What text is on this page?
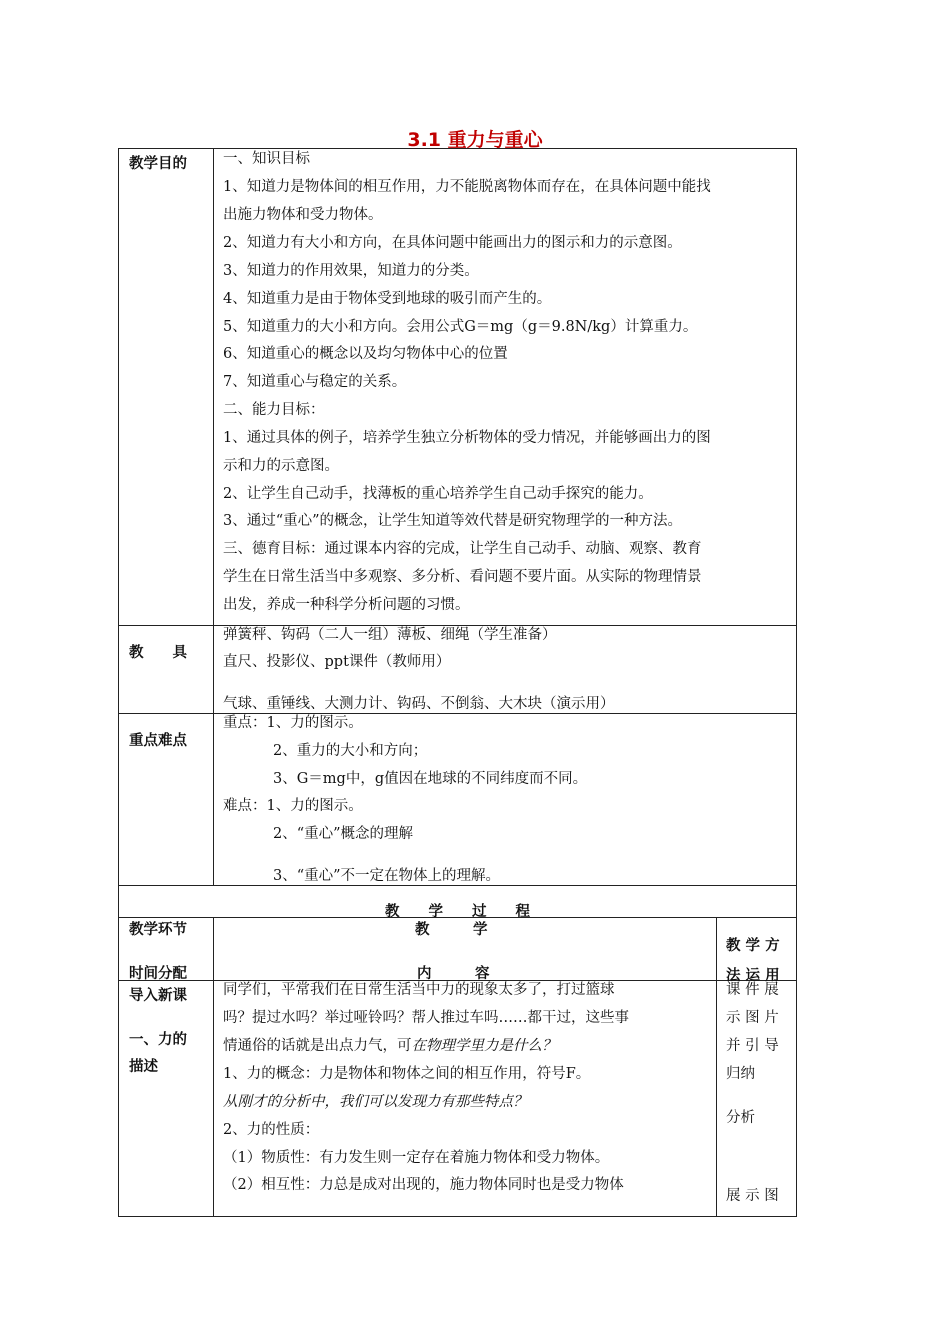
3.1 重力与重心
教学目的 一、知识目标
1、知道力是物体间的相互作用，力不能脱离物体而存在，在具体问题中能找
出施力物体和受力物体。
2、知道力有大小和方向，在具体问题中能画出力的图示和力的示意图。
3、知道力的作用效果，知道力的分类。
4、知道重力是由于物体受到地球的吸引而产生的。
5、知道重力的大小和方向。会用公式G＝mg（g＝9.8N/kg）计算重力。
6、知道重心的概念以及均匀物体中心的位置
7、知道重心与稳定的关系。
二、能力目标：
1、通过具体的例子，培养学生独立分析物体的受力情况，并能够画出力的图
示和力的示意图。
2、让学生自己动手，找薄板的重心培养学生自己动手探究的能力。
3、通过“重心”的概念，让学生知道等效代替是研究物理学的一种方法。
三、德育目标：通过课本内容的完成，让学生自己动手、动脑、观察、教育
学生在日常生活当中多观察、多分析、看问题不要片面。从实际的物理情景
出发，养成一种科学分析问题的习惯。
教　　具
弹簧秤、钩码（二人一组）薄板、细绳（学生准备）
直尺、投影仪、ppt课件（教师用）
气球、重锤线、大测力计、钩码、不倒翁、大木块（演示用）
重点难点
重点：1、力的图示。
2、重力的大小和方向；
3、G＝mg中，g值因在地球的不同纬度而不同。
难点：1、力的图示。
2、“重心”概念的理解
3、“重心”不一定在物体上的理解。
教　　学　　过　　程
教学环节
时间分配
教　　　学
内　　　容
教 学 方
法 运 用
导入新课
一、力的
描述
同学们，平常我们在日常生活当中力的现象太多了，打过篮球
吗？提过水吗？举过哑铃吗？帮人推过车吗……都干过，这些事
情通俗的话就是出点力气，可在物理学里力是什么？
1、力的概念：力是物体和物体之间的相互作用，符号F。
从刚才的分析中，我们可以发现力有那些特点？
2、力的性质：
（1）物质性：有力发生则一定存在着施力物体和受力物体。
（2）相互性：力总是成对出现的，施力物体同时也是受力物体
课 件 展
示 图 片
并 引 导
归纳
分析
展 示 图
